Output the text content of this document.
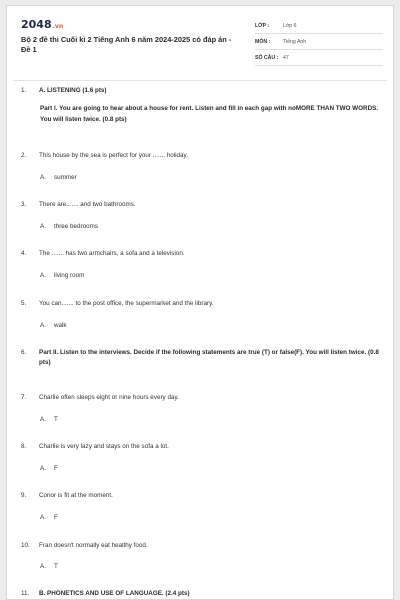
2048.vn
Bộ 2 đề thi Cuối kì 2 Tiếng Anh 6 năm 2024-2025 có đáp án - Đề 1
LỚP :	Lớp 6
MÔN :	Tiếng Anh
SỐ CÂU : 47
1.	A. LISTENING (1.6 pts)
Part I. You are going to hear about a house for rent. Listen and fill in each gap with noMORE THAN TWO WORDS. You will listen twice. (0.8 pts)
2.	This house by the sea is perfect for your ....... holiday.
A. summer
3.	There are....... and two bathrooms.
A. three bedrooms
4.	The ....... has two armchairs, a sofa and a television.
A. living room
5.	You can....... to the post office, the supermarket and the library.
A. walk
6.	Part II. Listen to the interviews. Decide if the following statements are true (T) or false(F). You will listen twice. (0.8 pts)
7.	Charlie often sleeps eight or nine hours every day.
A. T
8.	Charlie is very lazy and stays on the sofa a lot.
A. F
9.	Conor is fit at the moment.
A. F
10.	Fran doesn't normally eat healthy food.
A. T
11.	B. PHONETICS AND USE OF LANGUAGE. (2.4 pts)
